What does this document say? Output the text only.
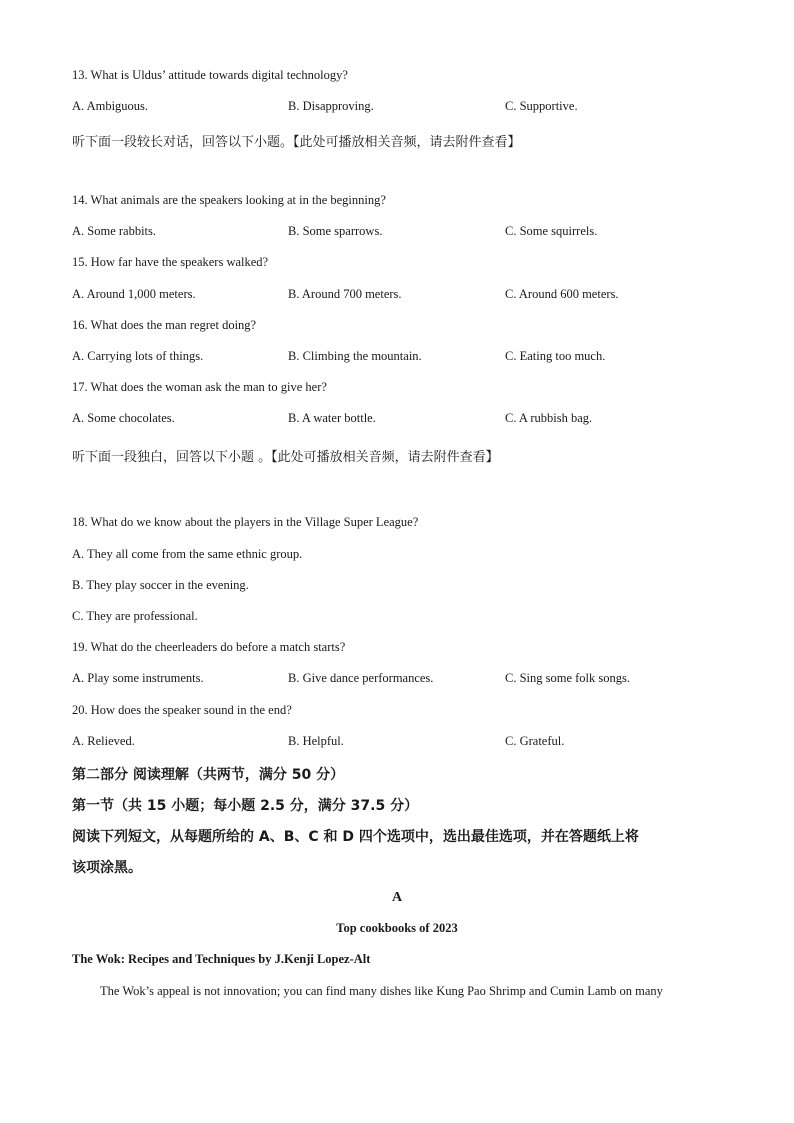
13. What is Uldus’ attitude towards digital technology?
A. Ambiguous.	B. Disapproving.	C. Supportive.
听下面一段较长对话，回答以下小题。【此处可播放相关音频，请去附件查看】
14. What animals are the speakers looking at in the beginning?
A. Some rabbits.	B. Some sparrows.	C. Some squirrels.
15. How far have the speakers walked?
A. Around 1,000 meters.	B. Around 700 meters.	C. Around 600 meters.
16. What does the man regret doing?
A. Carrying lots of things.	B. Climbing the mountain.	C. Eating too much.
17. What does the woman ask the man to give her?
A. Some chocolates.	B. A water bottle.	C. A rubbish bag.
听下面一段独白，回答以下小题 。【此处可播放相关音频，请去附件查看】
18. What do we know about the players in the Village Super League?
A. They all come from the same ethnic group.
B. They play soccer in the evening.
C. They are professional.
19. What do the cheerleaders do before a match starts?
A. Play some instruments.	B. Give dance performances.	C. Sing some folk songs.
20. How does the speaker sound in the end?
A. Relieved.	B. Helpful.	C. Grateful.
第二部分 阅读理解（共两节，满分 50 分）
第一节（共 15 小题；每小题 2.5 分，满分 37.5 分）
阅读下列短文，从每题所给的 A、B、C 和 D 四个选项中，选出最佳选项，并在答题纸上将
该项涂黑。
A
Top cookbooks of 2023
The Wok: Recipes and Techniques by J.Kenji Lopez-Alt
The Wok’s appeal is not innovation; you can find many dishes like Kung Pao Shrimp and Cumin Lamb on many
